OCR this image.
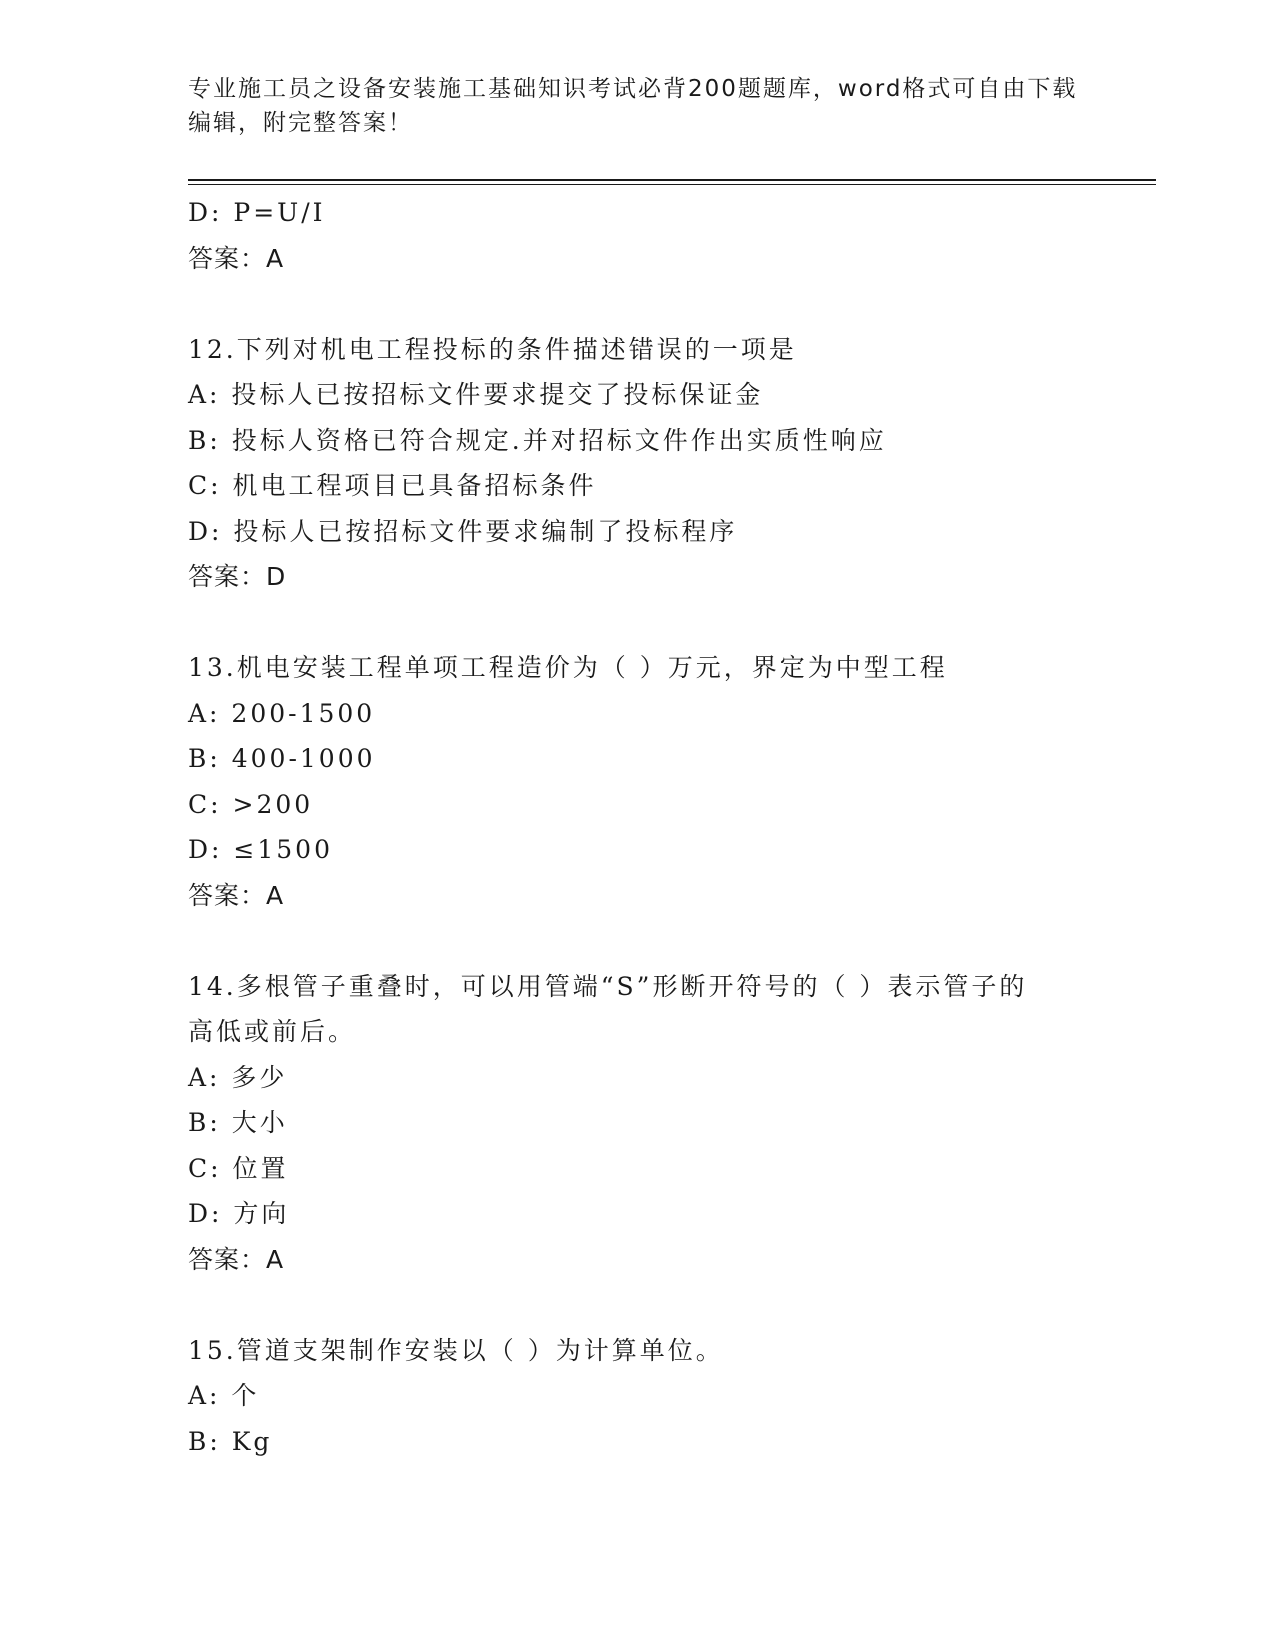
专业施工员之设备安装施工基础知识考试必背200题题库，word格式可自由下载
编辑，附完整答案！
D: P=U/I
答案：A
12.下列对机电工程投标的条件描述错误的一项是
A: 投标人已按招标文件要求提交了投标保证金
B: 投标人资格已符合规定.并对招标文件作出实质性响应
C: 机电工程项目已具备招标条件
D: 投标人已按招标文件要求编制了投标程序
答案：D
13.机电安装工程单项工程造价为（ ）万元，界定为中型工程
A: 200-1500
B: 400-1000
C: >200
D: ≤1500
答案：A
14.多根管子重叠时，可以用管端“S”形断开符号的（ ）表示管子的
高低或前后。
A: 多少
B: 大小
C: 位置
D: 方向
答案：A
15.管道支架制作安装以（ ）为计算单位。
A: 个
B: Kg
